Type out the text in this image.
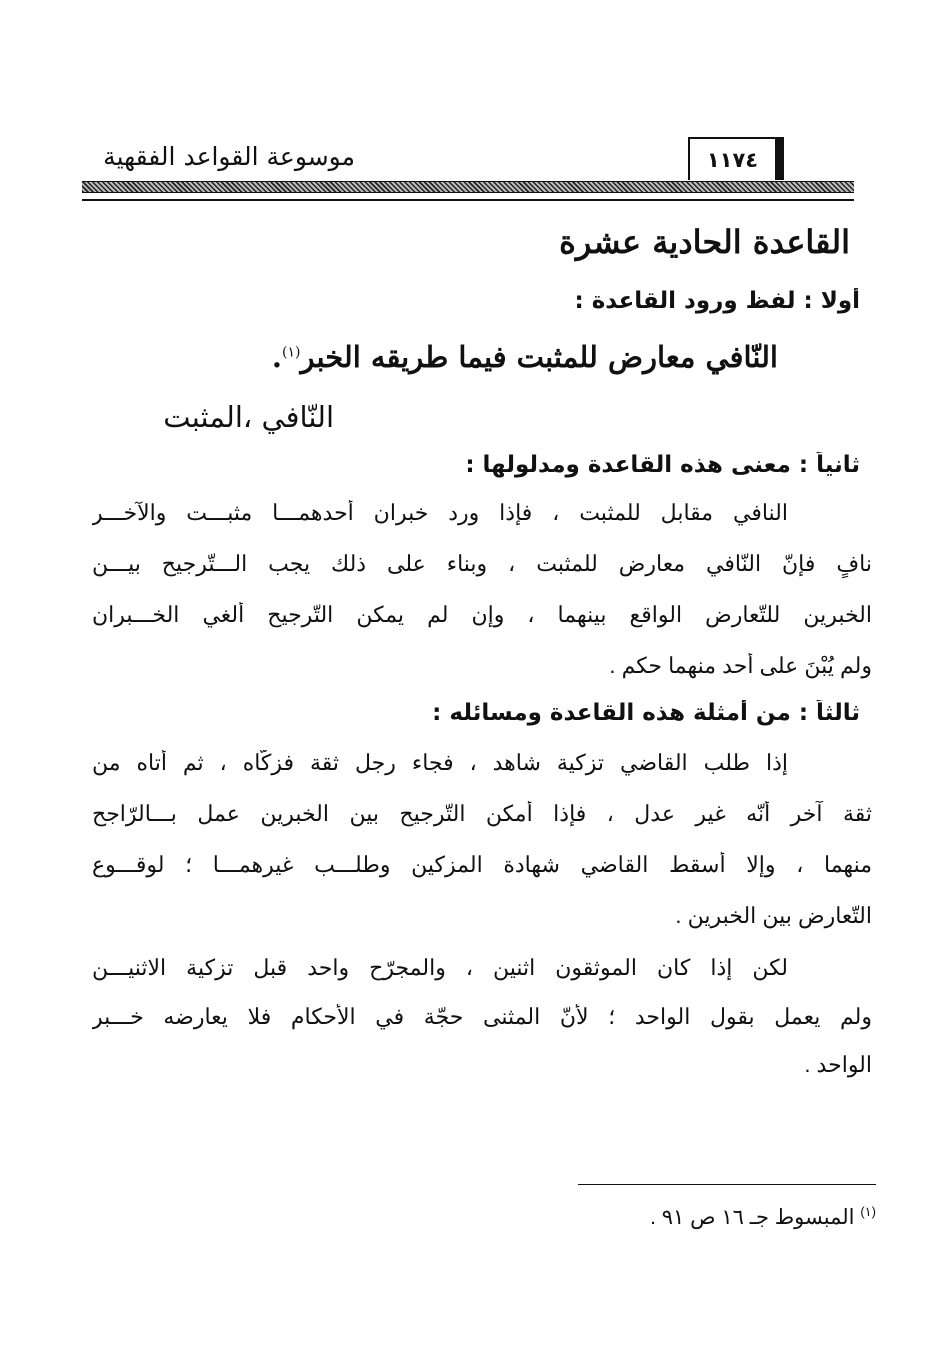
١١٧٤
موسوعة القواعد الفقهية
القاعدة الحادية عشرة
أولا : لفظ ورود القاعدة :
النّافي معارض للمثبت فيما طريقه الخبر$^{(١)}$.
النّافي ،المثبت
ثانياً : معنى هذه القاعدة ومدلولها :
النافي مقابل للمثبت ، فإذا ورد خبران أحدهمـــا مثبـــت والآخـــر
نافٍ فإنّ النّافي معارض للمثبت ، وبناء على ذلك يجب الـــتّرجيح بيـــن
الخبرين للتّعارض الواقع بينهما ، وإن لم يمكن التّرجيح ألغي الخـــبران
ولم يُبْنَ على أحد منهما حكم .
ثالثاً : من أمثلة هذه القاعدة ومسائله :
إذا طلب القاضي تزكية شاهد ، فجاء رجل ثقة فزكّاه ، ثم أتاه من
ثقة آخر أنّه غير عدل ، فإذا أمكن التّرجيح بين الخبرين عمل بـــالرّاجح
منهما ، وإلا أسقط القاضي شهادة المزكين وطلـــب غيرهمـــا ؛ لوقـــوع
التّعارض بين الخبرين .
لكن إذا كان الموثقون اثنين ، والمجرّح واحد قبل تزكية الاثنيـــن
ولم يعمل بقول الواحد ؛ لأنّ المثنى حجّة في الأحكام فلا يعارضه خـــبر
الواحد .
$^{(١)}$ المبسوط جـ ١٦ ص ٩١ .
